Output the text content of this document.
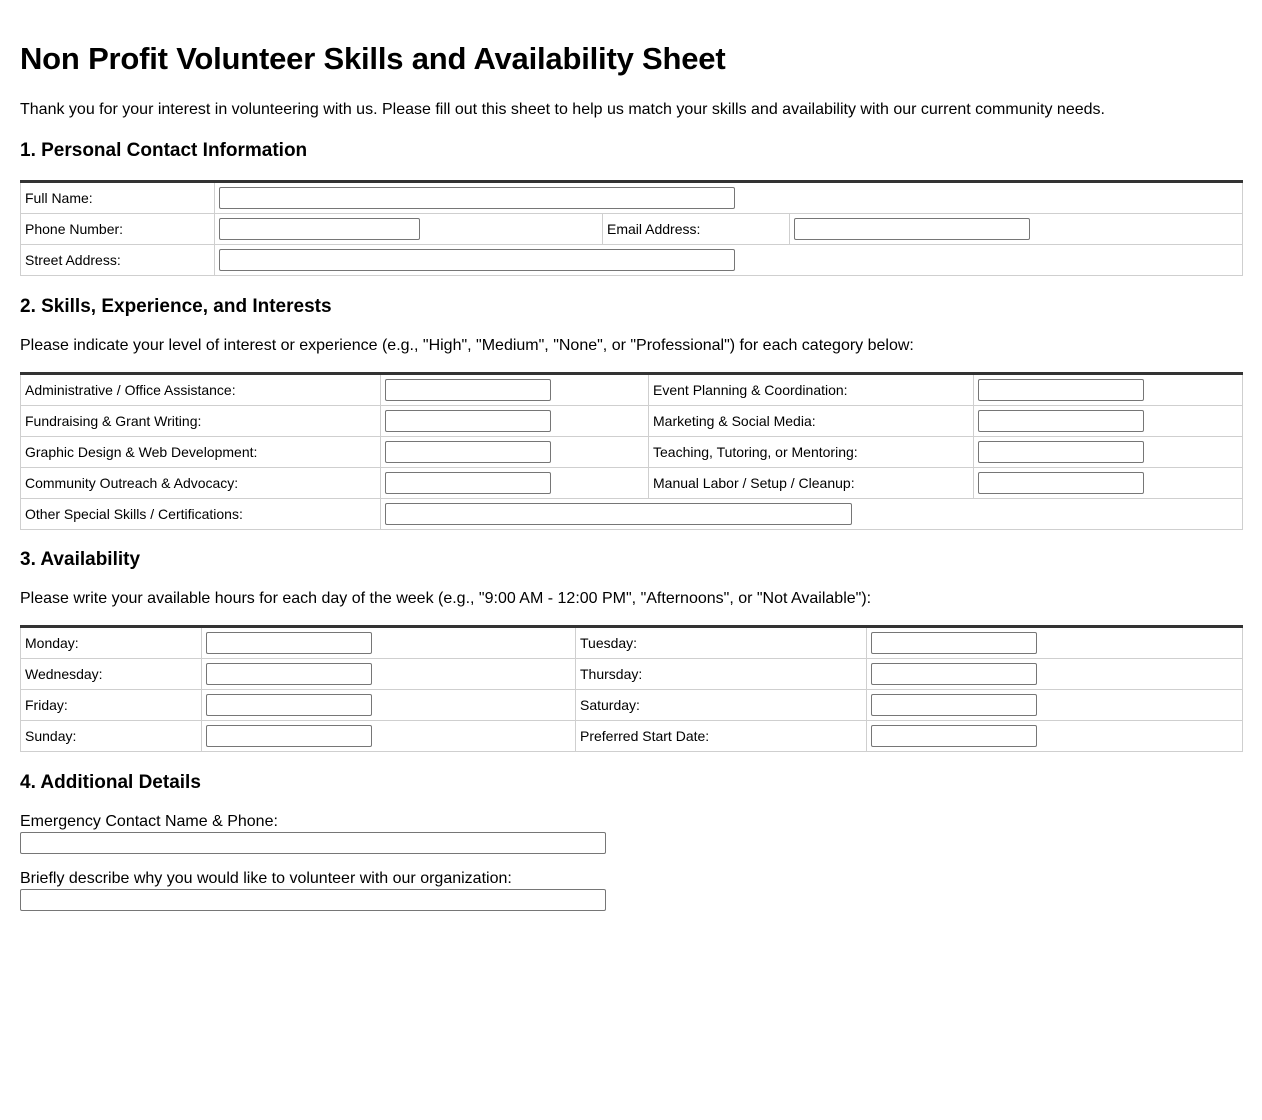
Non Profit Volunteer Skills and Availability Sheet
Thank you for your interest in volunteering with us. Please fill out this sheet to help us match your skills and availability with our current community needs.
1. Personal Contact Information
Full Name:	

Phone Number:		Email Address:	

Street Address:	
2. Skills, Experience, and Interests
Please indicate your level of interest or experience (e.g., "High", "Medium", "None", or "Professional") for each category below:
Administrative / Office Assistance:		Event Planning & Coordination:	

Fundraising & Grant Writing:		Marketing & Social Media:	

Graphic Design & Web Development:		Teaching, Tutoring, or Mentoring:	

Community Outreach & Advocacy:		Manual Labor / Setup / Cleanup:	

Other Special Skills / Certifications:	
3. Availability
Please write your available hours for each day of the week (e.g., "9:00 AM - 12:00 PM", "Afternoons", or "Not Available"):
Monday:		Tuesday:	

Wednesday:		Thursday:	

Friday:		Saturday:	

Sunday:		Preferred Start Date:	
4. Additional Details
Emergency Contact Name & Phone:
Briefly describe why you would like to volunteer with our organization:
